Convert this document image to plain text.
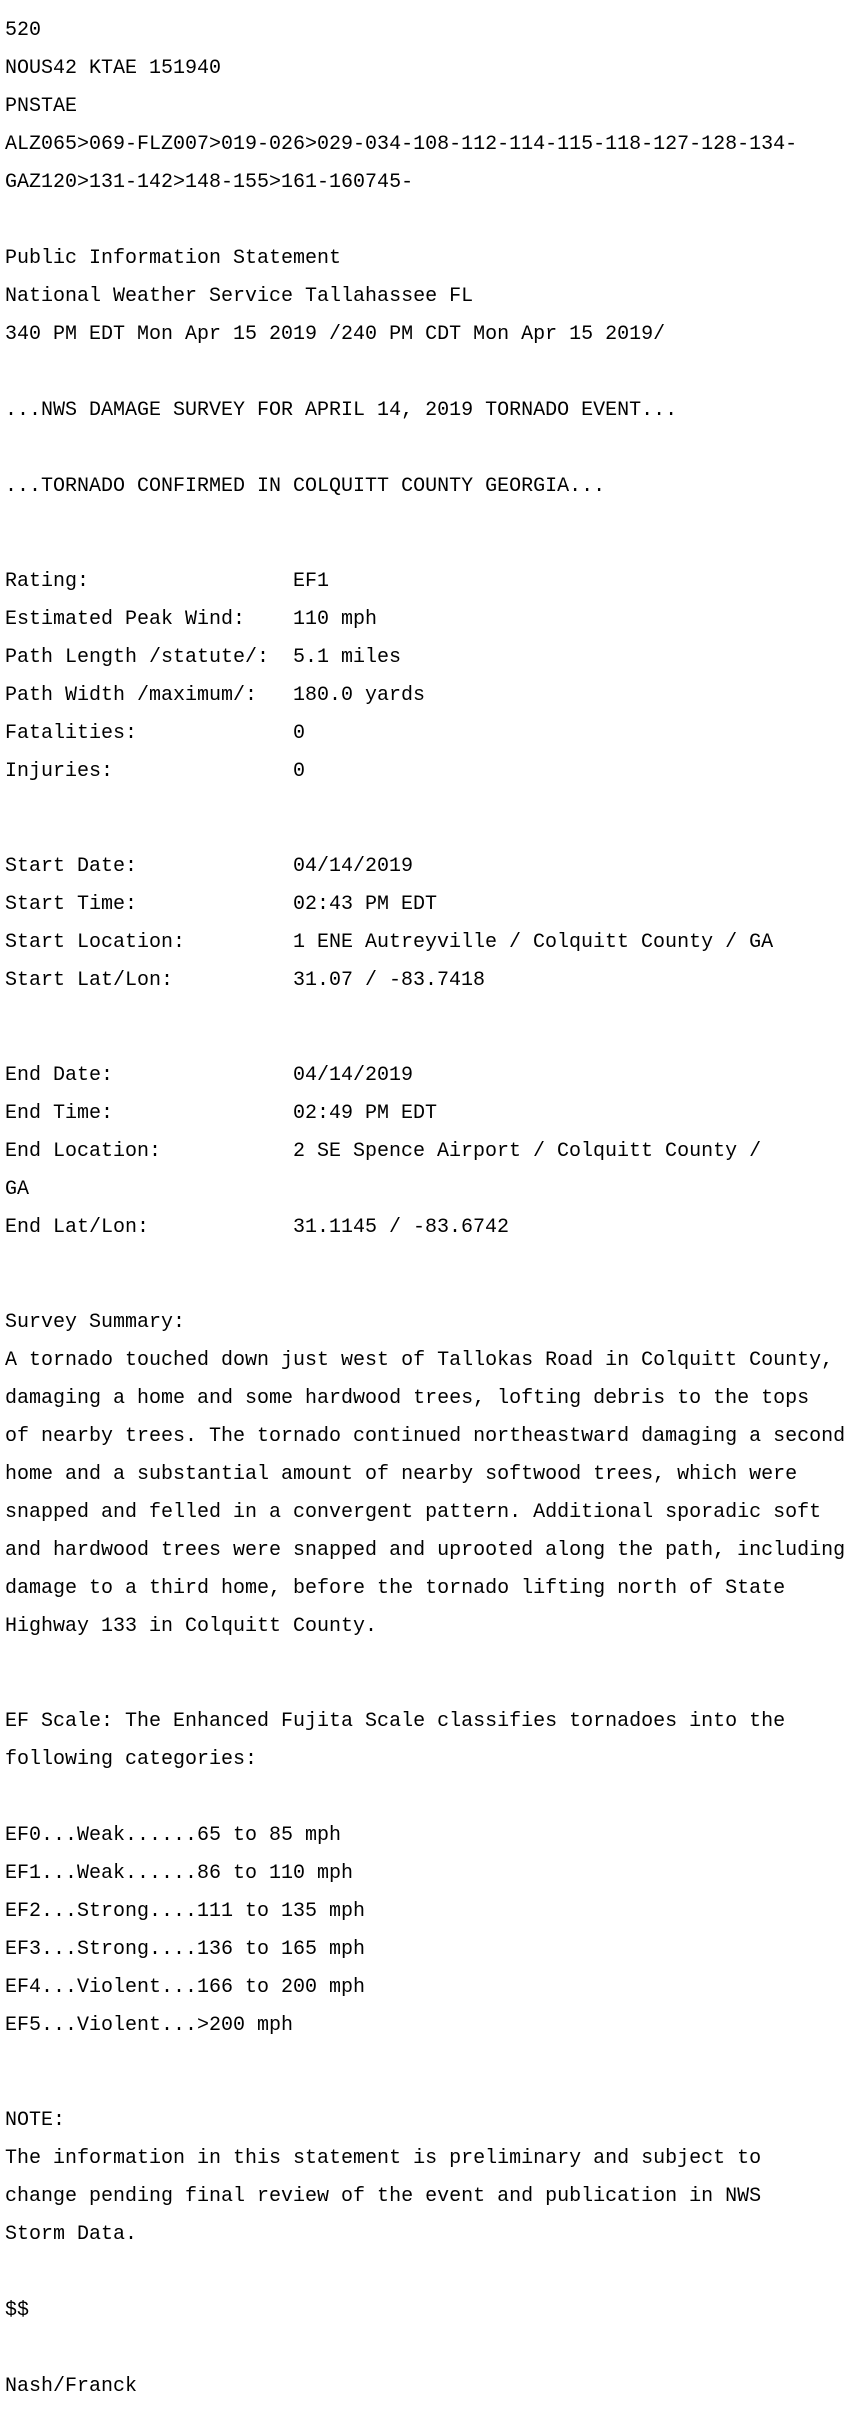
520

NOUS42 KTAE 151940

PNSTAE

ALZ065>069-FLZ007>019-026>029-034-108-112-114-115-118-127-128-134-

GAZ120>131-142>148-155>161-160745-

Public Information Statement

National Weather Service Tallahassee FL

340 PM EDT Mon Apr 15 2019 /240 PM CDT Mon Apr 15 2019/

...NWS DAMAGE SURVEY FOR APRIL 14, 2019 TORNADO EVENT...

...TORNADO CONFIRMED IN COLQUITT COUNTY GEORGIA...

Rating:	EF1

Estimated Peak Wind: 110 mph

Path Length /statute/: 5.1 miles

Path Width /maximum/: 180.0 yards

Fatalities:	0

Injuries:	0

Start Date:	04/14/2019

Start Time:	02:43 PM EDT

Start Location:	1 ENE Autreyville / Colquitt County / GA

Start Lat/Lon:	31.07 / -83.7418

End Date:	04/14/2019

End Time:	02:49 PM EDT

End Location:	2 SE Spence Airport / Colquitt County /

GA

End Lat/Lon:	31.1145 / -83.6742

Survey Summary:

A tornado touched down just west of Tallokas Road in Colquitt County,

damaging a home and some hardwood trees, lofting debris to the tops

of nearby trees. The tornado continued northeastward damaging a second

home and a substantial amount of nearby softwood trees, which were

snapped and felled in a convergent pattern. Additional sporadic soft

and hardwood trees were snapped and uprooted along the path, including

damage to a third home, before the tornado lifting north of State

Highway 133 in Colquitt County.

EF Scale: The Enhanced Fujita Scale classifies tornadoes into the

following categories:

EF0...Weak......65 to 85 mph

EF1...Weak......86 to 110 mph

EF2...Strong....111 to 135 mph

EF3...Strong....136 to 165 mph

EF4...Violent...166 to 200 mph

EF5...Violent...>200 mph

NOTE:

The information in this statement is preliminary and subject to

change pending final review of the event and publication in NWS

Storm Data.

$$

Nash/Franck
